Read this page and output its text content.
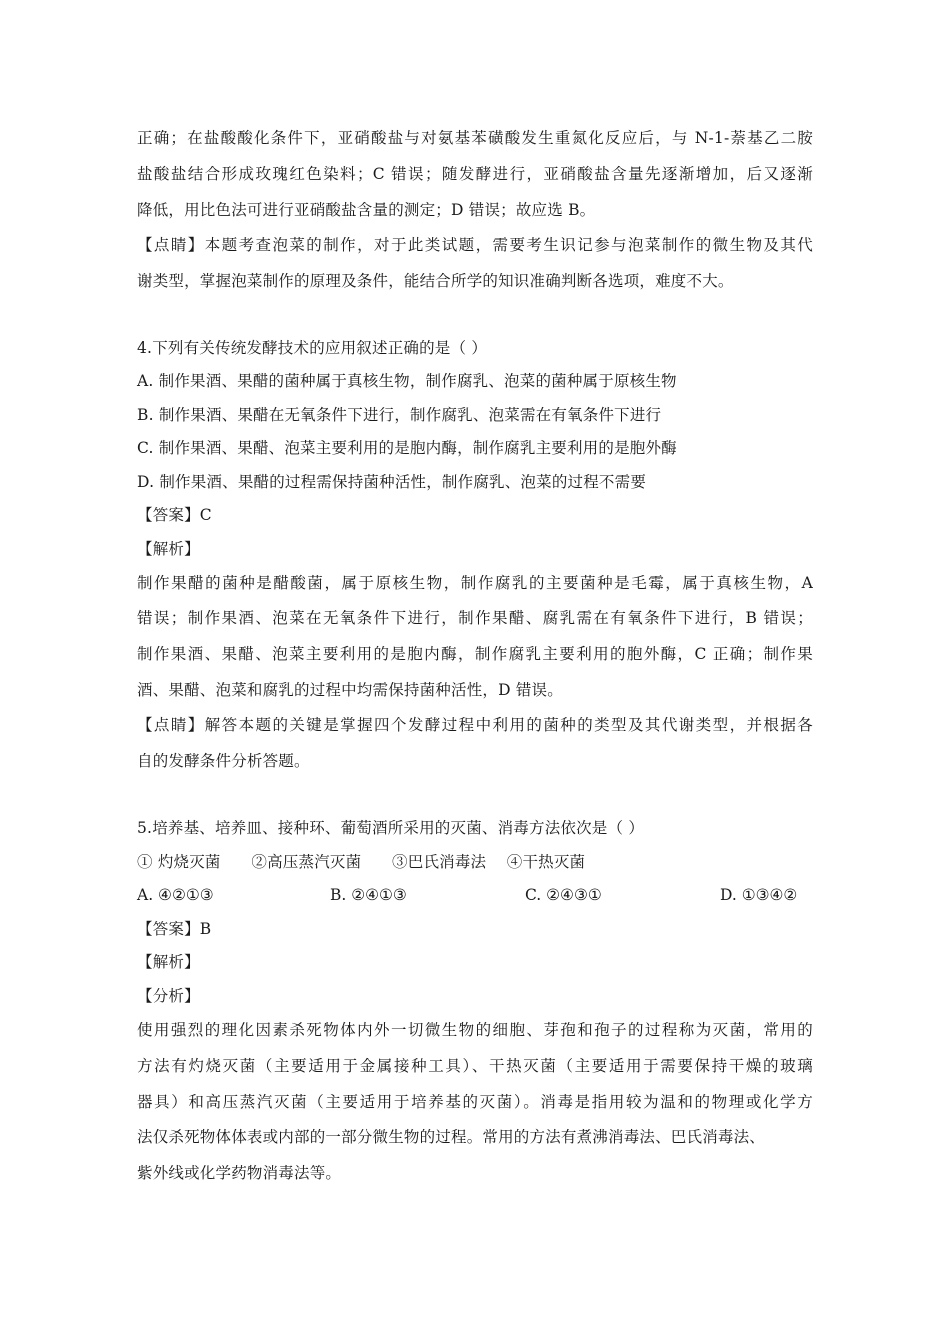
正确；在盐酸酸化条件下，亚硝酸盐与对氨基苯磺酸发生重氮化反应后，与 N-1-萘基乙二胺
盐酸盐结合形成玫瑰红色染料；C 错误；随发酵进行，亚硝酸盐含量先逐渐增加，后又逐渐
降低，用比色法可进行亚硝酸盐含量的测定；D 错误；故应选 B。
【点睛】本题考查泡菜的制作，对于此类试题，需要考生识记参与泡菜制作的微生物及其代
谢类型，掌握泡菜制作的原理及条件，能结合所学的知识准确判断各选项，难度不大。
4.下列有关传统发酵技术的应用叙述正确的是（ ）
A. 制作果酒、果醋的菌种属于真核生物，制作腐乳、泡菜的菌种属于原核生物
B. 制作果酒、果醋在无氧条件下进行，制作腐乳、泡菜需在有氧条件下进行
C. 制作果酒、果醋、泡菜主要利用的是胞内酶，制作腐乳主要利用的是胞外酶
D. 制作果酒、果醋的过程需保持菌种活性，制作腐乳、泡菜的过程不需要
【答案】C
【解析】
制作果醋的菌种是醋酸菌，属于原核生物，制作腐乳的主要菌种是毛霉，属于真核生物，A
错误；制作果酒、泡菜在无氧条件下进行，制作果醋、腐乳需在有氧条件下进行，B 错误；
制作果酒、果醋、泡菜主要利用的是胞内酶，制作腐乳主要利用的胞外酶，C 正确；制作果
酒、果醋、泡菜和腐乳的过程中均需保持菌种活性，D 错误。
【点睛】解答本题的关键是掌握四个发酵过程中利用的菌种的类型及其代谢类型，并根据各
自的发酵条件分析答题。
5.培养基、培养皿、接种环、葡萄酒所采用的灭菌、消毒方法依次是（ ）
① 灼烧灭菌      ②高压蒸汽灭菌      ③巴氏消毒法    ④干热灭菌
A. ④②①③	B. ②④①③	C. ②④③①	D. ①③④②
【答案】B
【解析】
【分析】
使用强烈的理化因素杀死物体内外一切微生物的细胞、芽孢和孢子的过程称为灭菌，常用的
方法有灼烧灭菌（主要适用于金属接种工具）、干热灭菌（主要适用于需要保持干燥的玻璃
器具）和高压蒸汽灭菌（主要适用于培养基的灭菌）。消毒是指用较为温和的物理或化学方
法仅杀死物体体表或内部的一部分微生物的过程。常用的方法有煮沸消毒法、巴氏消毒法、
紫外线或化学药物消毒法等。
